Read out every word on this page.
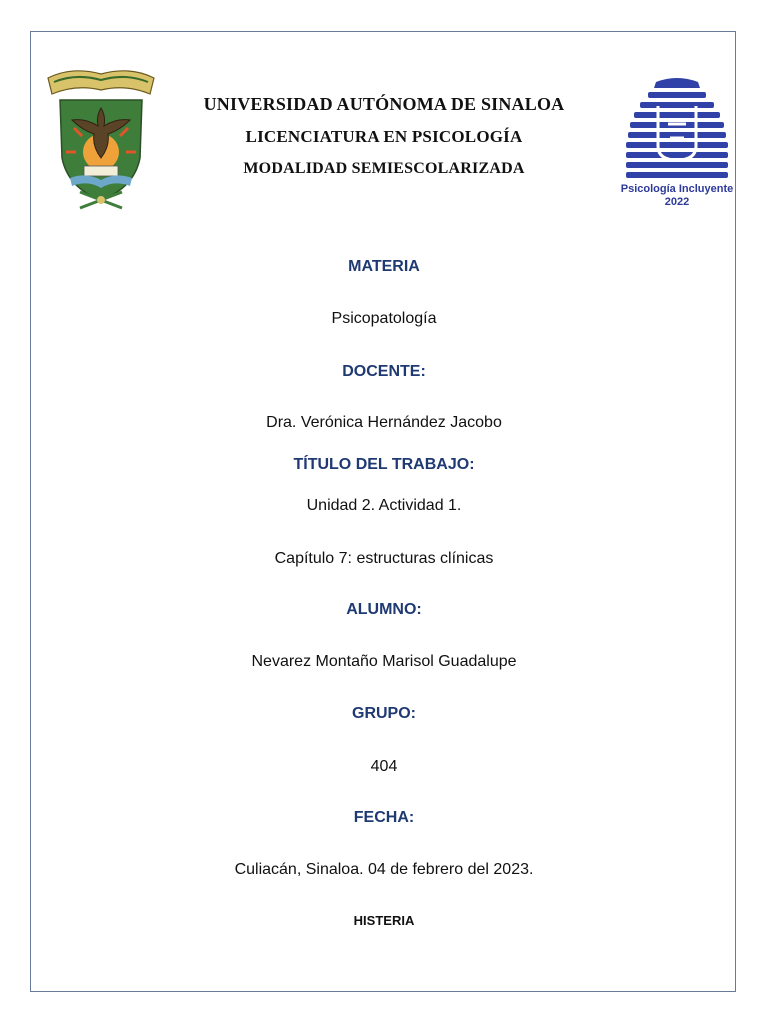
Psicología Incluyente
2022
UNIVERSIDAD AUTÓNOMA DE SINALOA
LICENCIATURA EN PSICOLOGÍA
MODALIDAD SEMIESCOLARIZADA
MATERIA
Psicopatología
DOCENTE:
Dra. Verónica Hernández Jacobo
TÍTULO DEL TRABAJO:
Unidad 2. Actividad 1.
Capítulo 7: estructuras clínicas
ALUMNO:
Nevarez Montaño Marisol Guadalupe
GRUPO:
404
FECHA:
Culiacán, Sinaloa. 04 de febrero del 2023.
HISTERIA
